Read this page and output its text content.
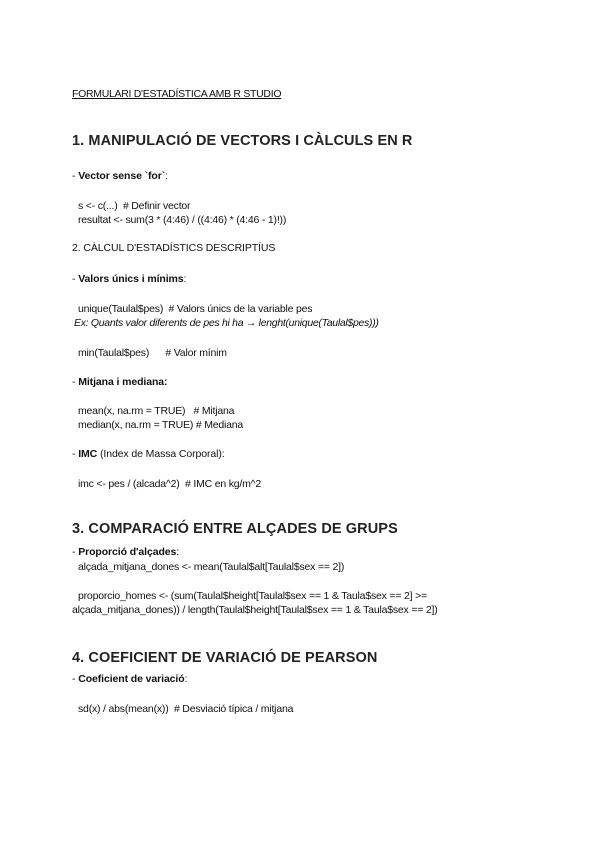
FORMULARI D'ESTADÍSTICA AMB R STUDIO
1. MANIPULACIÓ DE VECTORS I CÀLCULS EN R
- Vector sense `for`:
s <- c(...)  # Definir vector
resultat <- sum(3 * (4:46) / ((4:46) * (4:46 - 1)!))
2. CÀLCUL D'ESTADÍSTICS DESCRIPTÍUS
- Valors únics i mínims:
unique(Taulal$pes)  # Valors únics de la variable pes
Ex: Quants valor diferents de pes hi ha → lenght(unique(Taulal$pes)))
min(Taulal$pes)      # Valor mínim
- Mitjana i mediana:
mean(x, na.rm = TRUE)   # Mitjana
median(x, na.rm = TRUE) # Mediana
- IMC (Index de Massa Corporal):
imc <- pes / (alcada^2)  # IMC en kg/m^2
3. COMPARACIÓ ENTRE ALÇADES DE GRUPS
- Proporció d'alçades:
alçada_mitjana_dones <- mean(Taulal$alt[Taulal$sex == 2])
proporcio_homes <- (sum(Taulal$height[Taulal$sex == 1 & Taula$sex == 2] >=
alçada_mitjana_dones)) / length(Taulal$height[Taulal$sex == 1 & Taula$sex == 2])
4. COEFICIENT DE VARIACIÓ DE PEARSON
- Coeficient de variació:
sd(x) / abs(mean(x))  # Desviació típica / mitjana
